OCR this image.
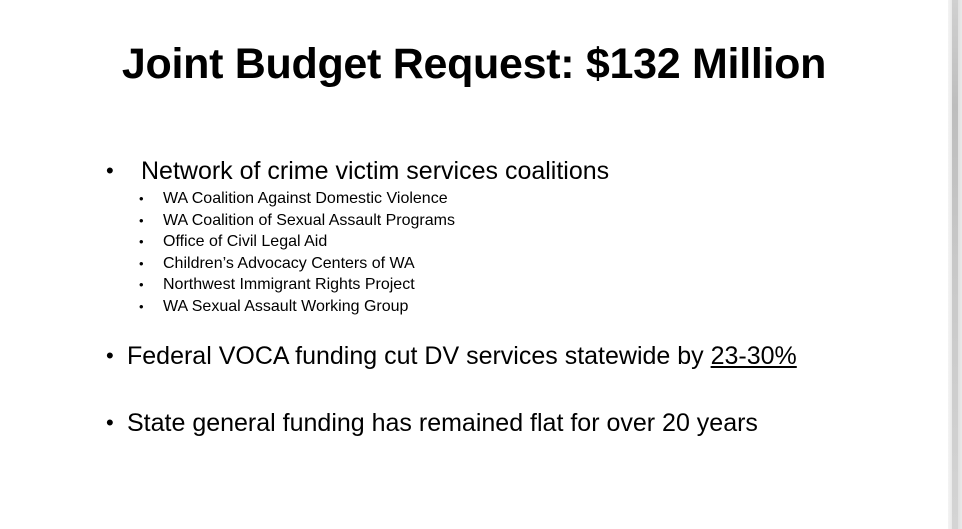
Joint Budget Request: $132 Million
• Network of crime victim services coalitions
• WA Coalition Against Domestic Violence
• WA Coalition of Sexual Assault Programs
• Office of Civil Legal Aid
• Children’s Advocacy Centers of WA
• Northwest Immigrant Rights Project
• WA Sexual Assault Working Group
• Federal VOCA funding cut DV services statewide by 23-30%
• State general funding has remained flat for over 20 years
